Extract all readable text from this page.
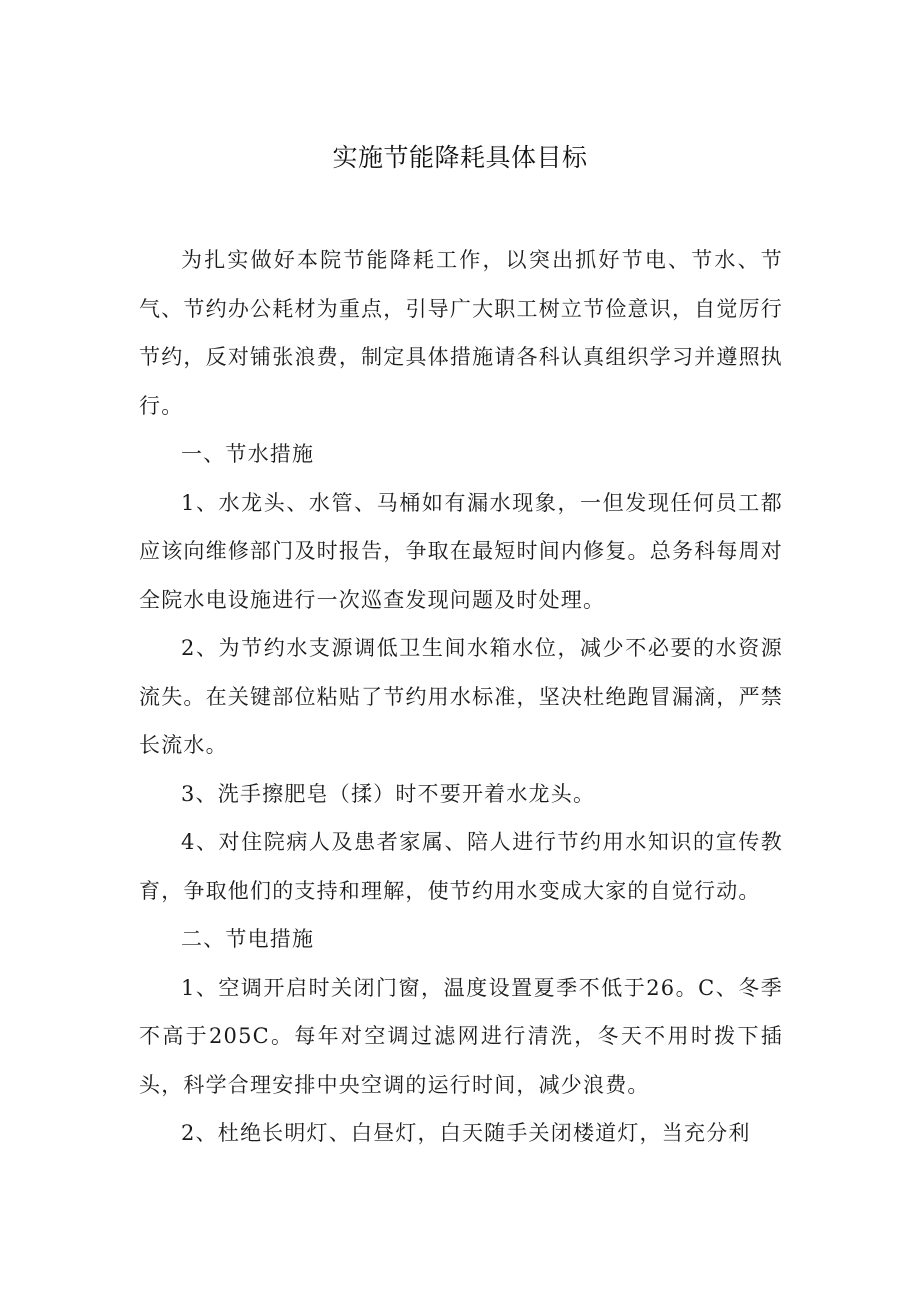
实施节能降耗具体目标

为扎实做好本院节能降耗工作，以突出抓好节电、节水、节气、节约办公耗材为重点，引导广大职工树立节俭意识，自觉厉行节约，反对铺张浪费，制定具体措施请各科认真组织学习并遵照执行。

一、节水措施

1、水龙头、水管、马桶如有漏水现象，一但发现任何员工都应该向维修部门及时报告，争取在最短时间内修复。总务科每周对全院水电设施进行一次巡查发现问题及时处理。

2、为节约水支源调低卫生间水箱水位，减少不必要的水资源流失。在关键部位粘贴了节约用水标准，坚决杜绝跑冒漏滴，严禁长流水。

3、洗手擦肥皂（揉）时不要开着水龙头。

4、对住院病人及患者家属、陪人进行节约用水知识的宣传教育，争取他们的支持和理解，使节约用水变成大家的自觉行动。

二、节电措施

1、空调开启时关闭门窗，温度设置夏季不低于26。C、冬季不高于205C。每年对空调过滤网进行清洗，冬天不用时拨下插头，科学合理安排中央空调的运行时间，减少浪费。

2、杜绝长明灯、白昼灯，白天随手关闭楼道灯，当充分利
